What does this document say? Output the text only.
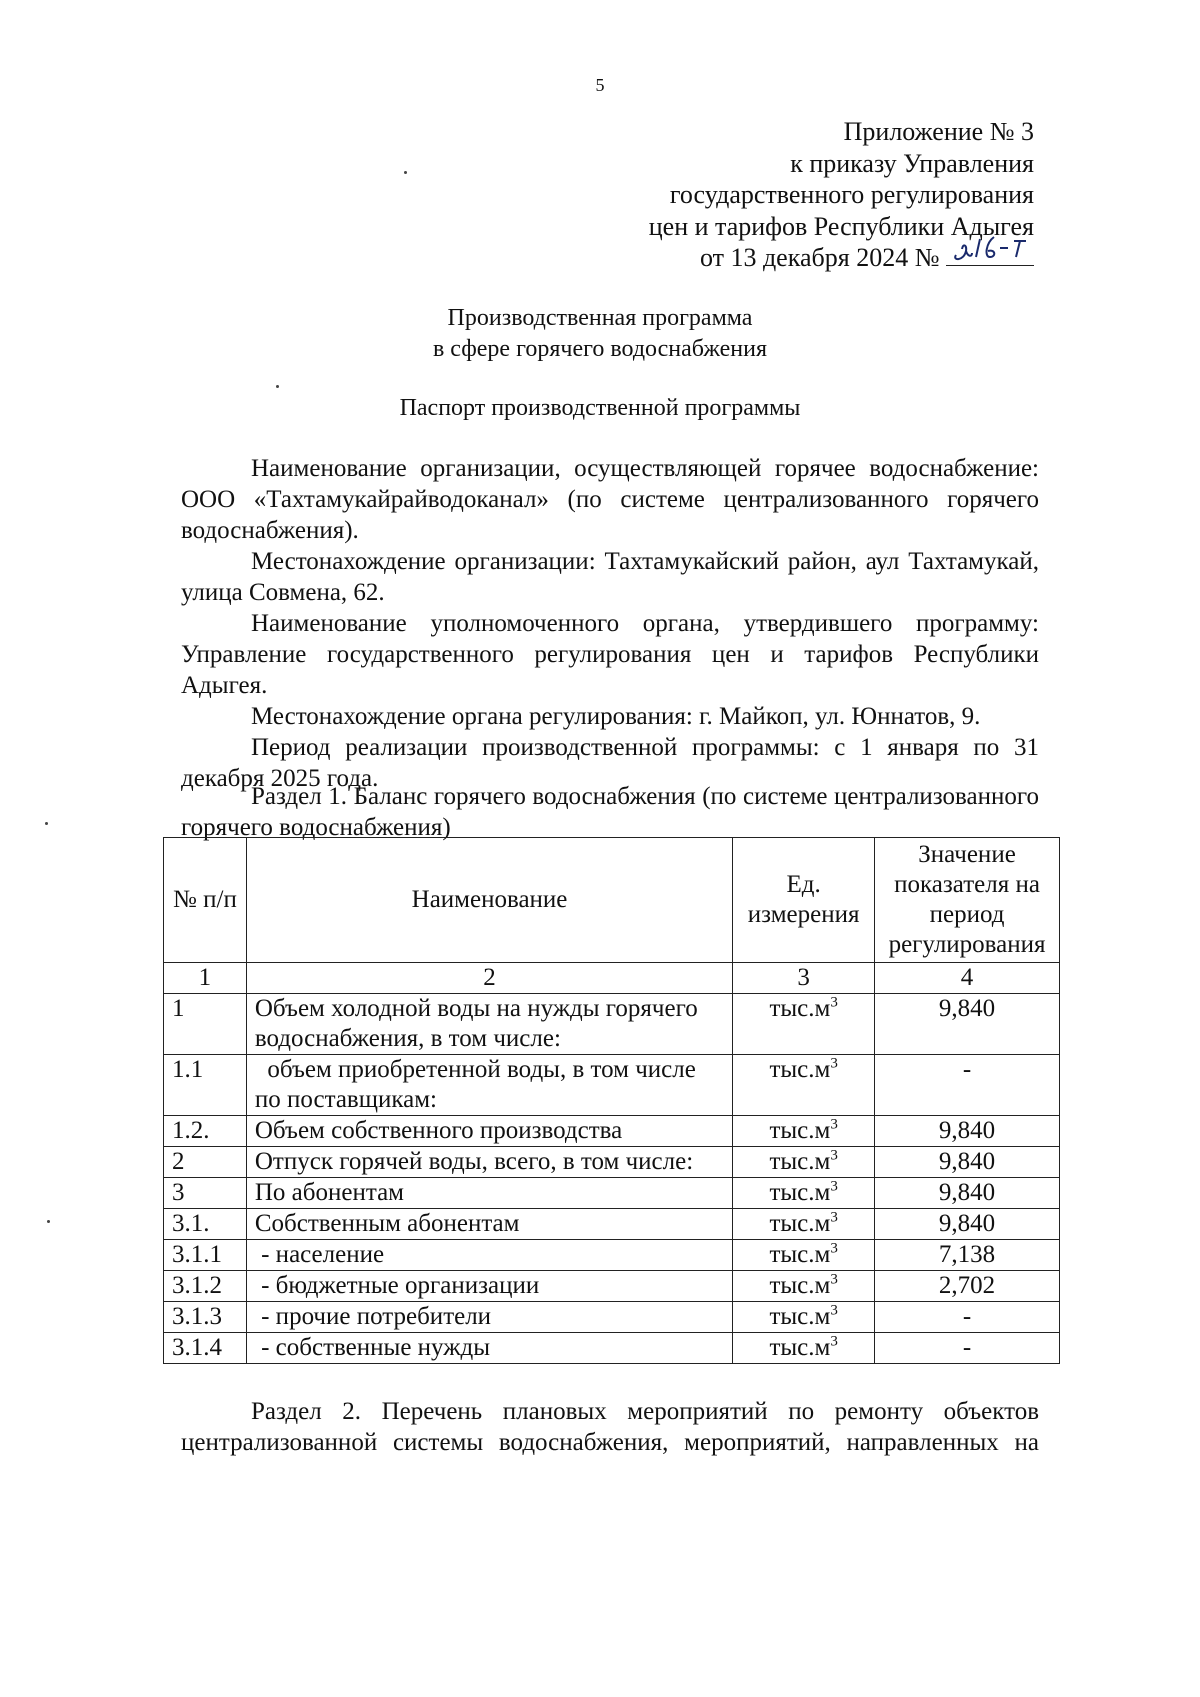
5
Приложение № 3
к приказу Управления
государственного регулирования
цен и тарифов Республики Адыгея
от 13 декабря 2024 №
Производственная программа
в сфере горячего водоснабжения
Паспорт производственной программы

Наименование организации, осуществляющей горячее водоснабжение: ООО «Тахтамукайрайводоканал» (по системе централизованного горячего водоснабжения).

Местонахождение организации: Тахтамукайский район, аул Тахтамукай, улица Совмена, 62.

Наименование уполномоченного органа, утвердившего программу: Управление государственного регулирования цен и тарифов Республики Адыгея.

Местонахождение органа регулирования: г. Майкоп, ул. Юннатов, 9.

Период реализации производственной программы: с 1 января по 31 декабря 2025 года.

Раздел 1. Баланс горячего водоснабжения (по системе централизованного горячего водоснабжения)

№ п/п	Наименование	Ед. измерения	Значение показателя на период регулирования
1	2	3	4
1	Объем холодной воды на нужды горячего водоснабжения, в том числе:	$тыс.м^3$	9,840
1.1	объем приобретенной воды, в том числе по поставщикам:	$тыс.м^3$	-
1.2.	Объем собственного производства	$тыс.м^3$	9,840
2	Отпуск горячей воды, всего, в том числе:	$тыс.м^3$	9,840
3	По абонентам	$тыс.м^3$	9,840
3.1.	Собственным абонентам	$тыс.м^3$	9,840
3.1.1	- население	$тыс.м^3$	7,138
3.1.2	- бюджетные организации	$тыс.м^3$	2,702
3.1.3	- прочие потребители	$тыс.м^3$	-
3.1.4	- собственные нужды	$тыс.м^3$	-

Раздел 2. Перечень плановых мероприятий по ремонту объектов централизованной системы водоснабжения, мероприятий, направленных на
